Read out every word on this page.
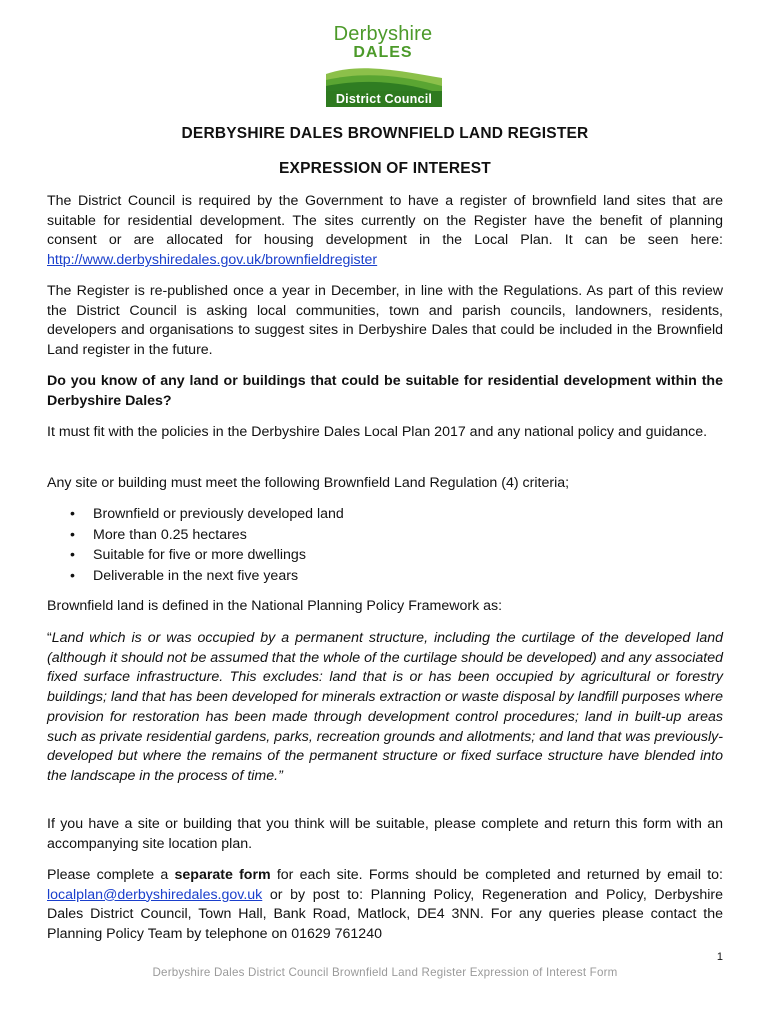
Derbyshire
DALES
District Council
DERBYSHIRE DALES BROWNFIELD LAND REGISTER
EXPRESSION OF INTEREST

The District Council is required by the Government to have a register of brownfield land sites that are suitable for residential development. The sites currently on the Register have the benefit of planning consent or are allocated for housing development in the Local Plan. It can be seen here: http://www.derbyshiredales.gov.uk/brownfieldregister

The Register is re-published once a year in December, in line with the Regulations. As part of this review the District Council is asking local communities, town and parish councils, landowners, residents, developers and organisations to suggest sites in Derbyshire Dales that could be included in the Brownfield Land register in the future.

Do you know of any land or buildings that could be suitable for residential development within the Derbyshire Dales?

It must fit with the policies in the Derbyshire Dales Local Plan 2017 and any national policy and guidance.

Any site or building must meet the following Brownfield Land Regulation (4) criteria;

• Brownfield or previously developed land
• More than 0.25 hectares
• Suitable for five or more dwellings
• Deliverable in the next five years

Brownfield land is defined in the National Planning Policy Framework as:

“Land which is or was occupied by a permanent structure, including the curtilage of the developed land (although it should not be assumed that the whole of the curtilage should be developed) and any associated fixed surface infrastructure. This excludes: land that is or has been occupied by agricultural or forestry buildings; land that has been developed for minerals extraction or waste disposal by landfill purposes where provision for restoration has been made through development control procedures; land in built-up areas such as private residential gardens, parks, recreation grounds and allotments; and land that was previously-developed but where the remains of the permanent structure or fixed surface structure have blended into the landscape in the process of time.”

If you have a site or building that you think will be suitable, please complete and return this form with an accompanying site location plan.

Please complete a separate form for each site. Forms should be completed and returned by email to: localplan@derbyshiredales.gov.uk or by post to: Planning Policy, Regeneration and Policy, Derbyshire Dales District Council, Town Hall, Bank Road, Matlock, DE4 3NN. For any queries please contact the Planning Policy Team by telephone on 01629 761240

1
Derbyshire Dales District Council Brownfield Land Register Expression of Interest Form
